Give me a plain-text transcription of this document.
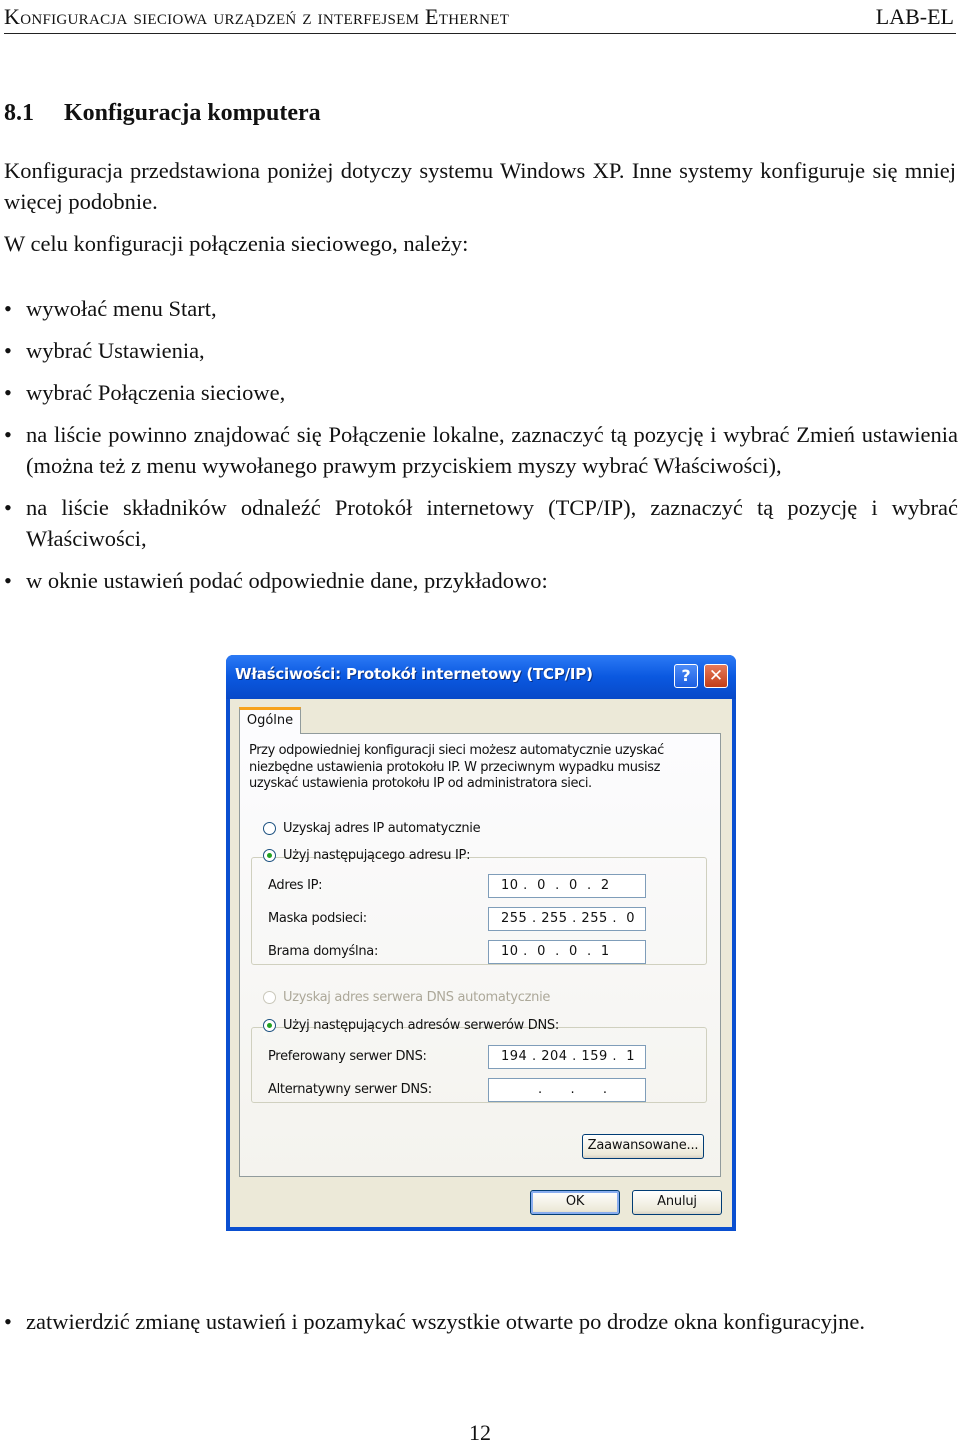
Konfiguracja sieciowa urządzeń z interfejsem Ethernet	LAB-EL
8.1 Konfiguracja komputera

Konfiguracja przedstawiona poniżej dotyczy systemu Windows XP. Inne systemy konfiguruje się mniej więcej podobnie.

W celu konfiguracji połączenia sieciowego, należy:

• wywołać menu Start,
• wybrać Ustawienia,
• wybrać Połączenia sieciowe,
• na liście powinno znajdować się Połączenie lokalne, zaznaczyć tą pozycję i wybrać Zmień ustawienia (można też z menu wywołanego prawym przyciskiem myszy wybrać Właściwości),
• na liście składników odnaleźć Protokół internetowy (TCP/IP), zaznaczyć tą pozycję i wybrać Właściwości,
• w oknie ustawień podać odpowiednie dane, przykładowo:
Właściwości: Protokół internetowy (TCP/IP)	?	✕
Ogólne

Przy odpowiedniej konfiguracji sieci możesz automatycznie uzyskać
niezbędne ustawienia protokołu IP. W przeciwnym wypadku musisz
uzyskać ustawienia protokołu IP od administratora sieci.

Uzyskaj adres IP automatycznie
Użyj następującego adresu IP:
Adres IP:	10 .  0  .  0  .  2
Maska podsieci:	255 . 255 . 255 .  0
Brama domyślna:	10 .  0  .  0  .  1
Uzyskaj adres serwera DNS automatycznie
Użyj następujących adresów serwerów DNS:
Preferowany serwer DNS:	194 . 204 . 159 .  1
Alternatywny serwer DNS:	.      .      .
Zaawansowane...
OK	Anuluj
• zatwierdzić zmianę ustawień i pozamykać wszystkie otwarte po drodze okna konfiguracyjne.
12
